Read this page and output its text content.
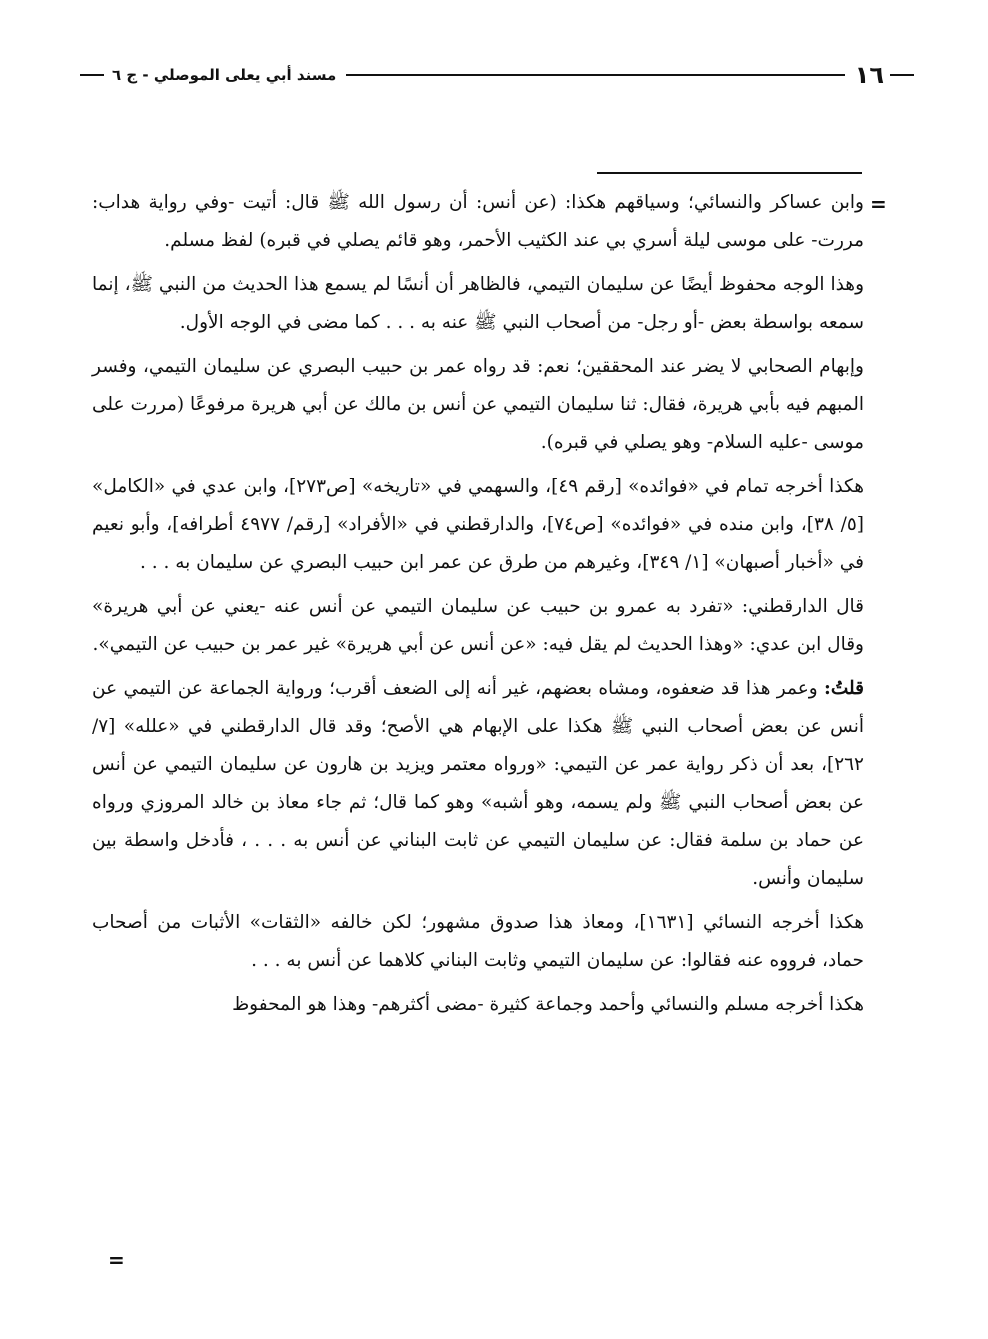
١٦
مسند أبي يعلى الموصلي - ج ٦
=

وابن عساكر والنسائي؛ وسياقهم هكذا: (عن أنس: أن رسول الله ﷺ قال: أتيت -وفي رواية هداب: مررت- على موسى ليلة أسري بي عند الكثيب الأحمر، وهو قائم يصلي في قبره) لفظ مسلم.

وهذا الوجه محفوظ أيضًا عن سليمان التيمي، فالظاهر أن أنسًا لم يسمع هذا الحديث من النبي ﷺ، إنما سمعه بواسطة بعض -أو رجل- من أصحاب النبي ﷺ عنه به . . . كما مضى في الوجه الأول.

وإبهام الصحابي لا يضر عند المحققين؛ نعم: قد رواه عمر بن حبيب البصري عن سليمان التيمي، وفسر المبهم فيه بأبي هريرة، فقال: ثنا سليمان التيمي عن أنس بن مالك عن أبي هريرة مرفوعًا (مررت على موسى -عليه السلام- وهو يصلي في قبره).

هكذا أخرجه تمام في «فوائده» [رقم ٤٩]، والسهمي في «تاريخه» [ص٢٧٣]، وابن عدي في «الكامل» [٥/ ٣٨]، وابن منده في «فوائده» [ص٧٤]، والدارقطني في «الأفراد» [رقم/ ٤٩٧٧ أطرافه]، وأبو نعيم في «أخبار أصبهان» [١/ ٣٤٩]، وغيرهم من طرق عن عمر ابن حبيب البصري عن سليمان به . . .

قال الدارقطني: «تفرد به عمرو بن حبيب عن سليمان التيمي عن أنس عنه -يعني عن أبي هريرة» وقال ابن عدي: «وهذا الحديث لم يقل فيه: «عن أنس عن أبي هريرة» غير عمر بن حبيب عن التيمي».

قلتُ: وعمر هذا قد ضعفوه، ومشاه بعضهم، غير أنه إلى الضعف أقرب؛ ورواية الجماعة عن التيمي عن أنس عن بعض أصحاب النبي ﷺ هكذا على الإبهام هي الأصح؛ وقد قال الدارقطني في «علله» [٧/ ٢٦٢]، بعد أن ذكر رواية عمر عن التيمي: «ورواه معتمر ويزيد بن هارون عن سليمان التيمي عن أنس عن بعض أصحاب النبي ﷺ ولم يسمه، وهو أشبه» وهو كما قال؛ ثم جاء معاذ بن خالد المروزي ورواه عن حماد بن سلمة فقال: عن سليمان التيمي عن ثابت البناني عن أنس به . . . ، فأدخل واسطة بين سليمان وأنس.

هكذا أخرجه النسائي [١٦٣١]، ومعاذ هذا صدوق مشهور؛ لكن خالفه «الثقات» الأثبات من أصحاب حماد، فرووه عنه فقالوا: عن سليمان التيمي وثابت البناني كلاهما عن أنس به . . .

هكذا أخرجه مسلم والنسائي وأحمد وجماعة كثيرة -مضى أكثرهم- وهذا هو المحفوظ

=
